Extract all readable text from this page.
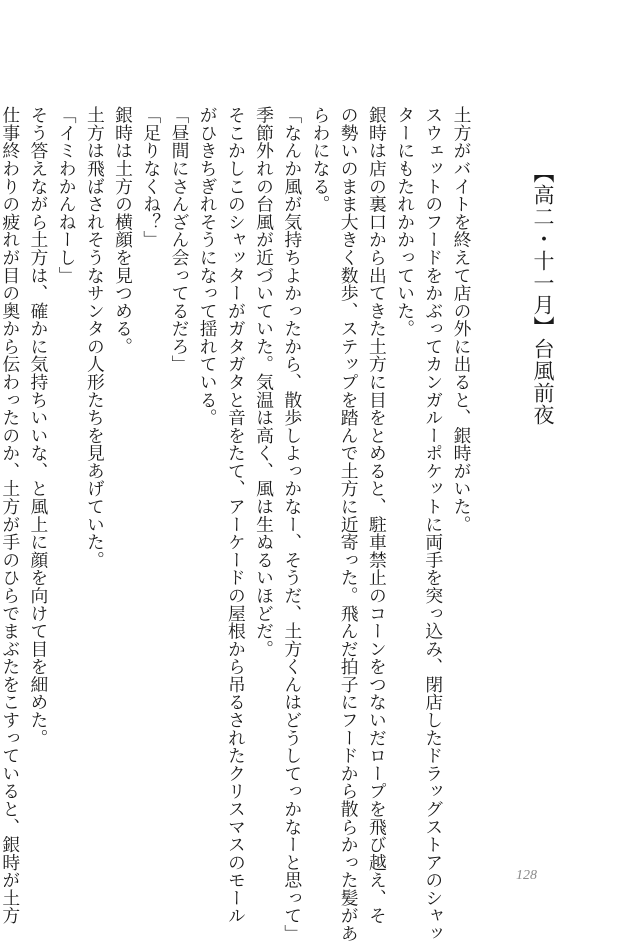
【高二・十一月】台風前夜

土方がバイトを終えて店の外に出ると、銀時がいた。

スウェットのフードをかぶってカンガルーポケットに両手を突っ込み、閉店したドラッグストアのシャッ

ターにもたれかかっていた。

銀時は店の裏口から出てきた土方に目をとめると、駐車禁止のコーンをつないだロープを飛び越え、そ

の勢いのまま大きく数歩、ステップを踏んで土方に近寄った。飛んだ拍子にフードから散らかった髪があ

らわになる。

「なんか風が気持ちよかったから、散歩しよっかなー、そうだ、土方くんはどうしてっかなーと思って」

季節外れの台風が近づいていた。気温は高く、風は生ぬるいほどだ。

そこかしこのシャッターがガタガタと音をたて、アーケードの屋根から吊るされたクリスマスのモール

がひきちぎれそうになって揺れている。

「昼間にさんざん会ってるだろ」

「足りなくね？」

銀時は土方の横顔を見つめる。

土方は飛ばされそうなサンタの人形たちを見あげていた。

「イミわかんねーし」

そう答えながら土方は、確かに気持ちいいな、と風上に顔を向けて目を細めた。

仕事終わりの疲れが目の奥から伝わったのか、土方が手のひらでまぶたをこすっていると、銀時が土方	128
